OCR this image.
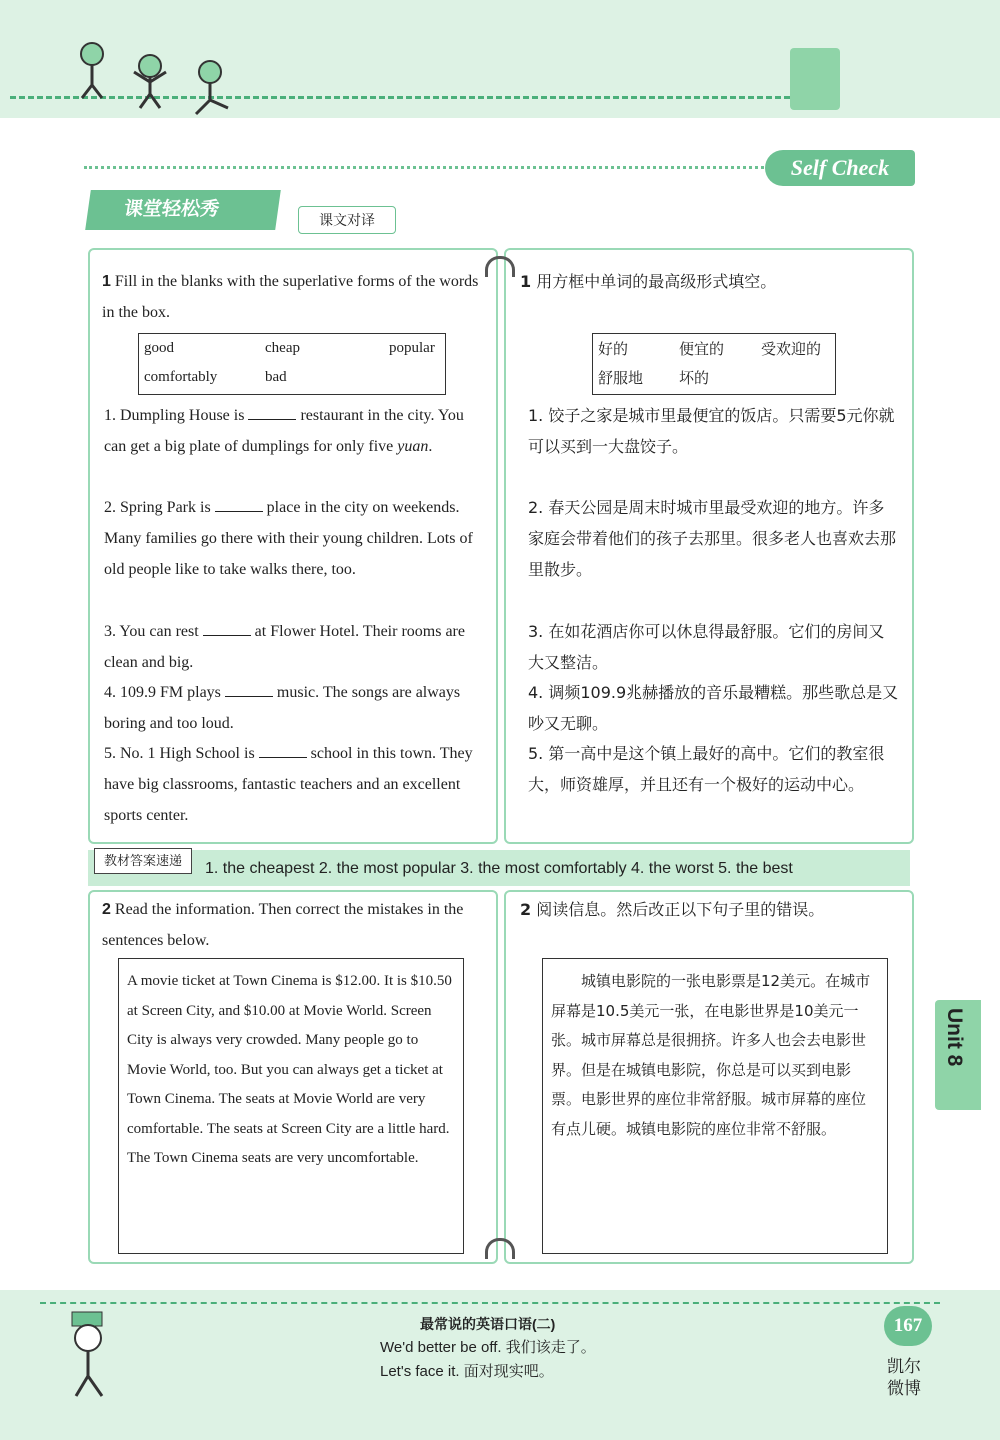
Self Check
课堂轻松秀	课文对译
1 Fill in the blanks with the superlative forms of the words in the box.
good	cheap	popular
comfortably	bad
1. Dumpling House is	restaurant in the city. You can get a big plate of dumplings for only five yuan.
2. Spring Park is	place in the city on weekends. Many families go there with their young children. Lots of old people like to take walks there, too.
3. You can rest	at Flower Hotel. Their rooms are clean and big.
4. 109.9 FM plays	music. The songs are always boring and too loud.
5. No. 1 High School is	school in this town. They have big classrooms, fantastic teachers and an excellent sports center.
1 用方框中单词的最高级形式填空。
好的	便宜的 受欢迎的
舒服地 坏的
1. 饺子之家是城市里最便宜的饭店。只需要5元你就可以买到一大盘饺子。
2. 春天公园是周末时城市里最受欢迎的地方。许多家庭会带着他们的孩子去那里。很多老人也喜欢去那里散步。
3. 在如花酒店你可以休息得最舒服。它们的房间又大又整洁。
4. 调频109.9兆赫播放的音乐最糟糕。那些歌总是又吵又无聊。
5. 第一高中是这个镇上最好的高中。它们的教室很大，师资雄厚，并且还有一个极好的运动中心。
教材答案速递	1. the cheapest 2. the most popular 3. the most comfortably 4. the worst 5. the best
2 Read the information. Then correct the mistakes in the sentences below.
A movie ticket at Town Cinema is $12.00. It is $10.50 at Screen City, and $10.00 at Movie World. Screen City is always very crowded. Many people go to Movie World, too. But you can always get a ticket at Town Cinema. The seats at Movie World are very comfortable. The seats at Screen City are a little hard. The Town Cinema seats are very uncomfortable.
2 阅读信息。然后改正以下句子里的错误。
城镇电影院的一张电影票是12美元。在城市屏幕是10.5美元一张，在电影世界是10美元一张。城市屏幕总是很拥挤。许多人也会去电影世界。但是在城镇电影院，你总是可以买到电影票。电影世界的座位非常舒服。城市屏幕的座位有点儿硬。城镇电影院的座位非常不舒服。
Unit 8
最常说的英语口语(二)
We'd better be off. 我们该走了。
Let's face it. 面对现实吧。
167
凯尔微博
